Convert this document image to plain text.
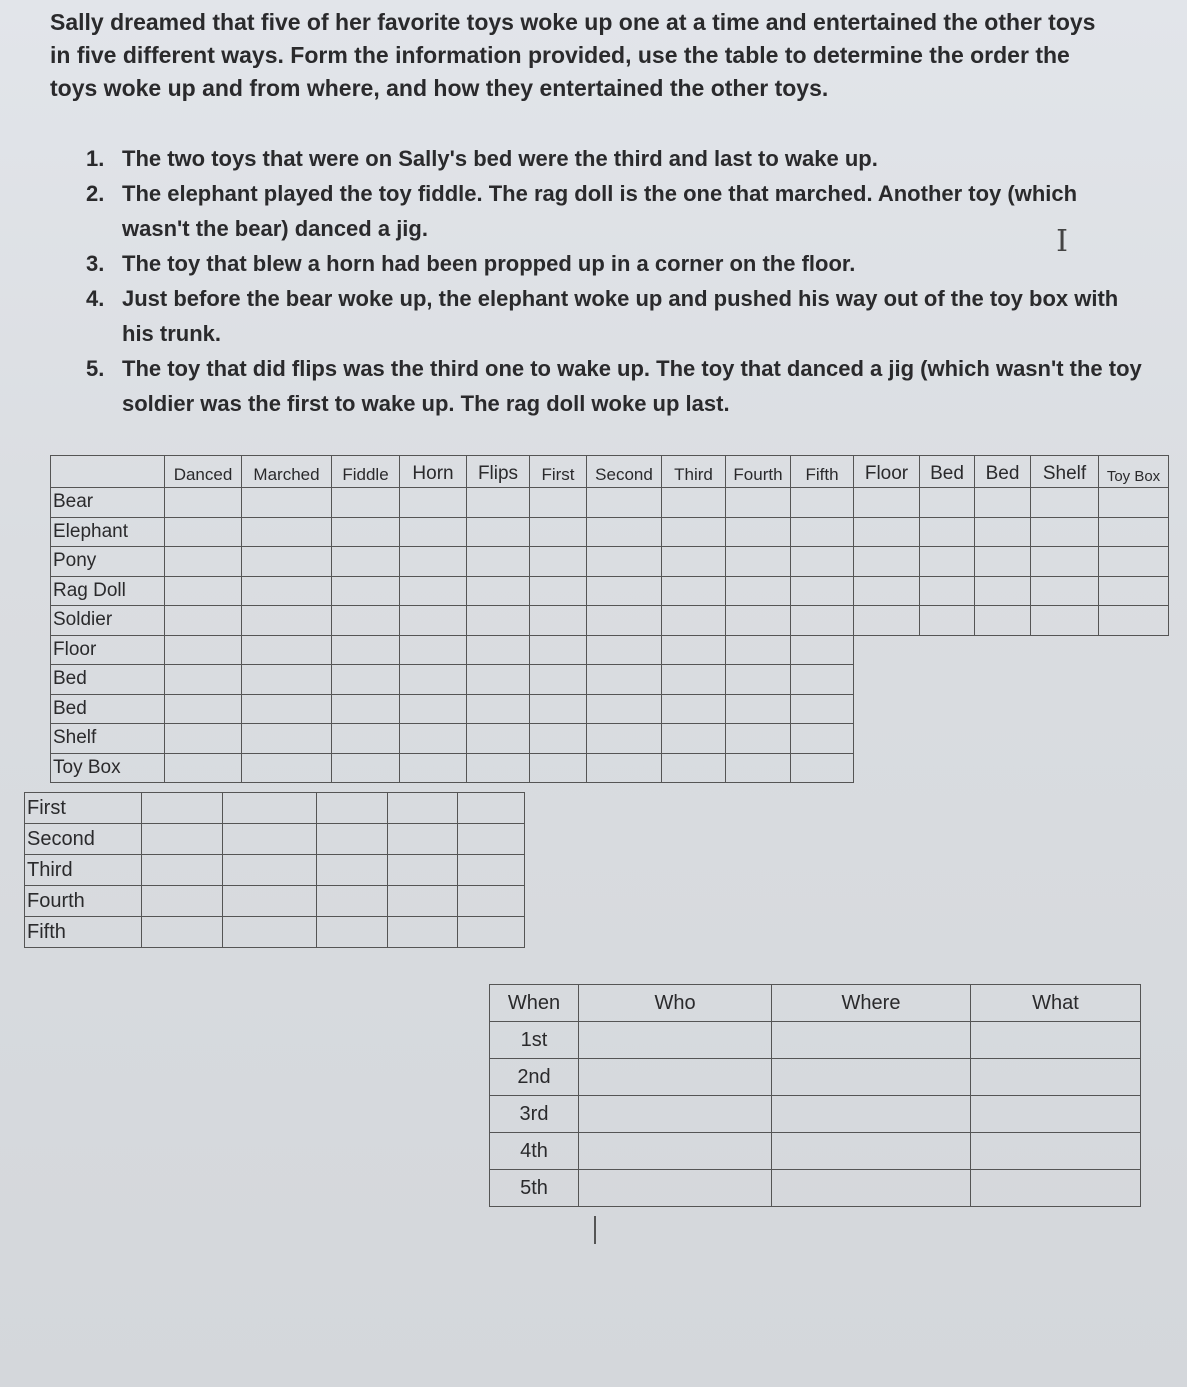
Sally dreamed that five of her favorite toys woke up one at a time and entertained the other toys in five different ways. Form the information provided, use the table to determine the order the toys woke up and from where, and how they entertained the other toys.
1. The two toys that were on Sally's bed were the third and last to wake up.
2. The elephant played the toy fiddle. The rag doll is the one that marched. Another toy (which wasn't the bear) danced a jig.
3. The toy that blew a horn had been propped up in a corner on the floor.
4. Just before the bear woke up, the elephant woke up and pushed his way out of the toy box with his trunk.
5. The toy that did flips was the third one to wake up. The toy that danced a jig (which wasn't the toy soldier was the first to wake up. The rag doll woke up last.
I
	Danced	Marched	Fiddle	Horn	Flips	First	Second	Third	Fourth	Fifth	Floor	Bed	Bed	Shelf	Toy Box
Bear															
Elephant															
Pony															
Rag Doll															
Soldier															
Floor															
Bed															
Bed															
Shelf															
Toy Box															
First					
Second					
Third					
Fourth					
Fifth					
When	Who	Where	What
1st			
2nd			
3rd			
4th			
5th			
